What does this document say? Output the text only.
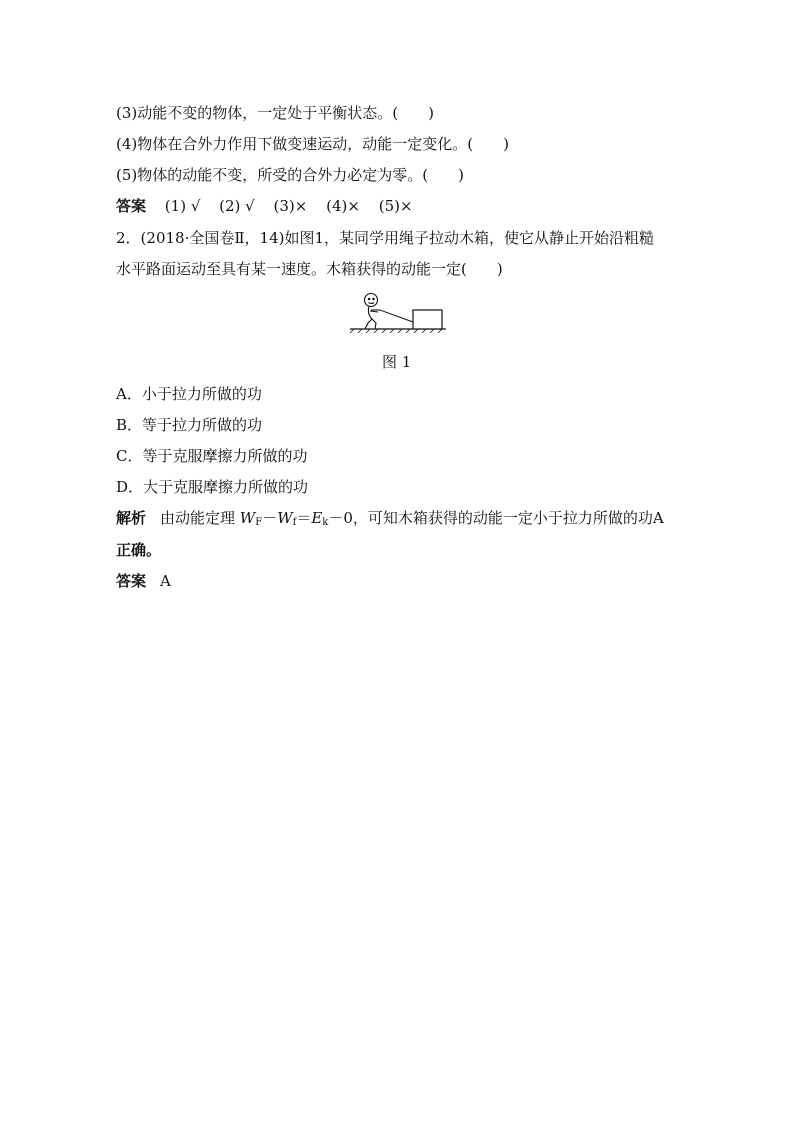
(3)动能不变的物体，一定处于平衡状态。(　　)
(4)物体在合外力作用下做变速运动，动能一定变化。(　　)
(5)物体的动能不变，所受的合外力必定为零。(　　)
答案 (1) √ (2) √ (3)× (4)× (5)×
2．(2018·全国卷Ⅱ，14)如图1，某同学用绳子拉动木箱，使它从静止开始沿粗糙
水平路面运动至具有某一速度。木箱获得的动能一定(　　)
图 1
A．小于拉力所做的功
B．等于拉力所做的功
C．等于克服摩擦力所做的功
D．大于克服摩擦力所做的功
解析 由动能定理 $W_F-W_f=E_k-0$，可知木箱获得的动能一定小于拉力所做的功A
正确。
答案 A
